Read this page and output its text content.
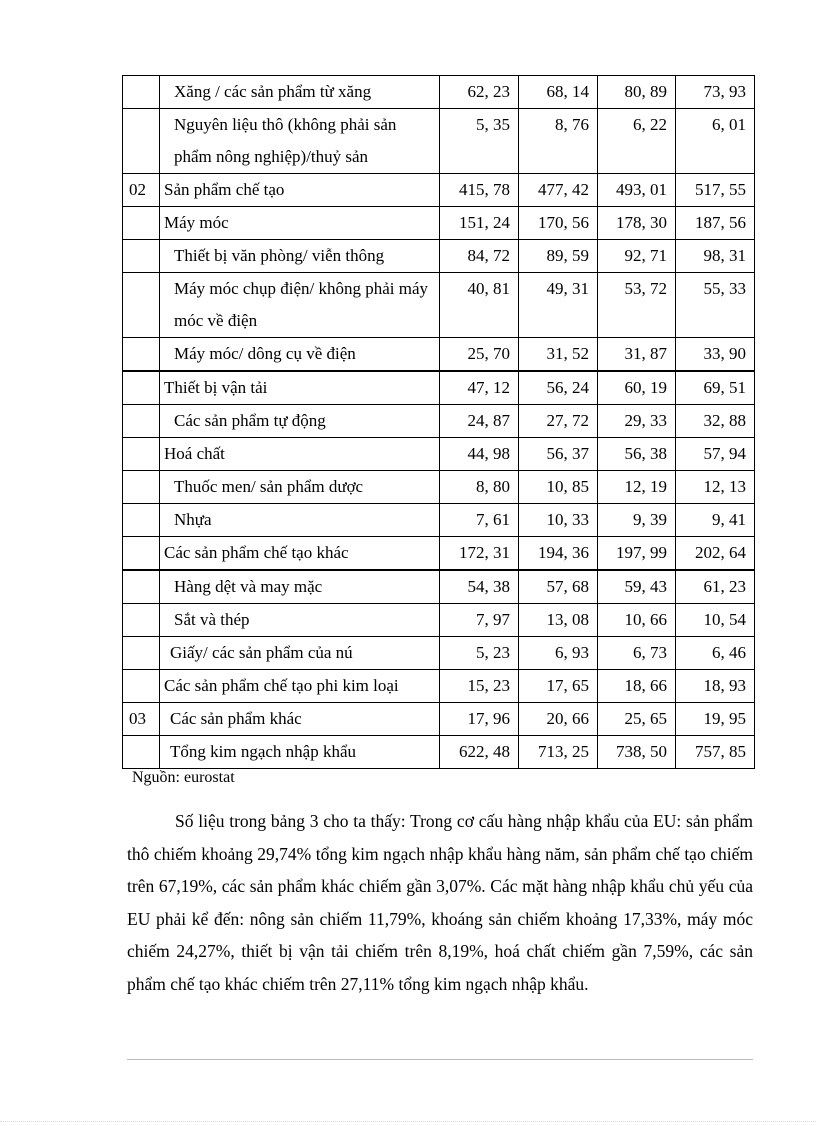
	Xăng / các sản phẩm từ xăng	62, 23	68, 14	80, 89	73, 93
	Nguyên liệu thô (không phải sản phẩm nông nghiệp)/thuỷ sản	5, 35	8, 76	6, 22	6, 01
02	Sản phẩm chế tạo	415, 78	477, 42	493, 01	517, 55
	Máy móc	151, 24	170, 56	178, 30	187, 56
	Thiết bị văn phòng/ viễn thông	84, 72	89, 59	92, 71	98, 31
	Máy móc chụp điện/ không phải máy móc về điện	40, 81	49, 31	53, 72	55, 33
	Máy móc/ dông cụ về điện	25, 70	31, 52	31, 87	33, 90
	Thiết bị vận tải	47, 12	56, 24	60, 19	69, 51
	Các sản phẩm tự động	24, 87	27, 72	29, 33	32, 88
	Hoá chất	44, 98	56, 37	56, 38	57, 94
	Thuốc men/ sản phẩm dược	8, 80	10, 85	12, 19	12, 13
	Nhựa	7, 61	10, 33	9, 39	9, 41
	Các sản phẩm chế tạo khác	172, 31	194, 36	197, 99	202, 64
	Hàng dệt và may mặc	54, 38	57, 68	59, 43	61, 23
	Sắt và thép	7, 97	13, 08	10, 66	10, 54
	Giấy/ các sản phẩm của nú	5, 23	6, 93	6, 73	6, 46
	Các sản phẩm chế tạo phi kim loại	15, 23	17, 65	18, 66	18, 93
03	Các sản phẩm khác	17, 96	20, 66	25, 65	19, 95
	Tổng kim ngạch nhập khẩu	622, 48	713, 25	738, 50	757, 85
Nguồn: eurostat

Số liệu trong bảng 3 cho ta thấy: Trong cơ cấu hàng nhập khẩu của EU: sản phẩm thô chiếm khoảng 29,74% tổng kim ngạch nhập khẩu hàng năm, sản phẩm chế tạo chiếm trên 67,19%, các sản phẩm khác chiếm gần 3,07%. Các mặt hàng nhập khẩu chủ yếu của EU phải kể đến: nông sản chiếm 11,79%, khoáng sản chiếm khoảng 17,33%, máy móc chiếm 24,27%, thiết bị vận tải chiếm trên 8,19%, hoá chất chiếm gần 7,59%, các sản phẩm chế tạo khác chiếm trên 27,11% tổng kim ngạch nhập khẩu.
